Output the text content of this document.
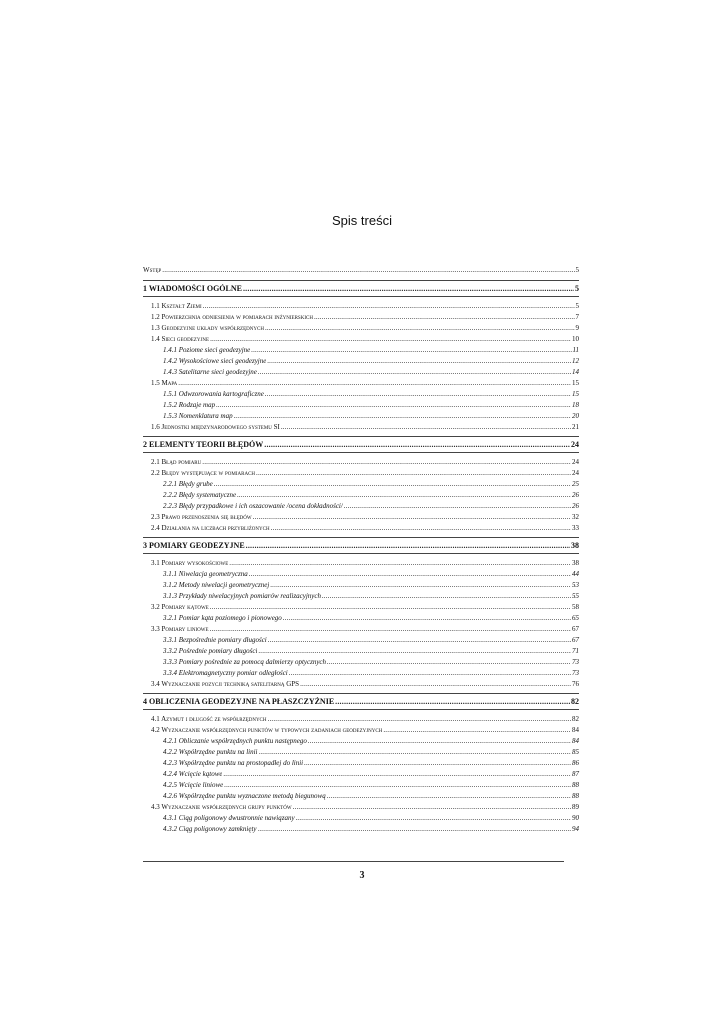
Spis treści
Wstęp .....	5
1 WIADOMOŚCI OGÓLNE .....	5
1.1 Kształt Ziemi .....	5
1.2 Powierzchnia odniesienia w pomiarach inżynierskich .....	7
1.3 Geodezyjne układy współrzędnych .....	9
1.4 Sieci geodezyjne .....	10
1.4.1 Poziome sieci geodezyjne .....	11
1.4.2 Wysokościowe sieci geodezyjne .....	12
1.4.3 Satelitarne sieci geodezyjne .....	14
1.5 Mapa .....	15
1.5.1 Odwzorowania kartograficzne .....	15
1.5.2 Rodzaje map .....	18
1.5.3 Nomenklatura map .....	20
1.6 Jednostki międzynarodowego systemu SI .....	21
2 ELEMENTY TEORII BŁĘDÓW .....	24
2.1 Błąd pomiaru .....	24
2.2 Błędy występujące w pomiarach .....	24
2.2.1 Błędy grube .....	25
2.2.2 Błędy systematyczne .....	26
2.2.3 Błędy przypadkowe i ich oszacowanie /ocena dokładności/ .....	26
2.3 Prawo przenoszenia się błędów .....	32
2.4 Działania na liczbach przybliżonych .....	33
3 POMIARY GEODEZYJNE .....	38
3.1 Pomiary wysokościowe .....	38
3.1.1 Niwelacja geometryczna .....	44
3.1.2 Metody niwelacji geometrycznej .....	53
3.1.3 Przykłady niwelacyjnych pomiarów realizacyjnych .....	55
3.2 Pomiary kątowe .....	58
3.2.1 Pomiar kąta poziomego i pionowego .....	65
3.3 Pomiary liniowe .....	67
3.3.1 Bezpośrednie pomiary długości .....	67
3.3.2 Pośrednie pomiary długości .....	71
3.3.3 Pomiary pośrednie za pomocą dalmierzy optycznych .....	73
3.3.4 Elektromagnetyczny pomiar odległości .....	73
3.4 Wyznaczanie pozycji techniką satelitarną GPS .....	76
4 OBLICZENIA GEODEZYJNE NA PŁASZCZYŹNIE .....	82
4.1 Azymut i długość ze współrzędnych .....	82
4.2 Wyznaczanie współrzędnych punktów w typowych zadaniach geodezyjnych .....	84
4.2.1 Obliczanie współrzędnych punktu następnego .....	84
4.2.2 Współrzędne punktu na linii .....	85
4.2.3 Współrzędne punktu na prostopadłej do linii .....	86
4.2.4 Wcięcie kątowe .....	87
4.2.5 Wcięcie liniowe .....	88
4.2.6 Współrzędne punktu wyznaczone metodą biegunową .....	88
4.3 Wyznaczanie współrzędnych grupy punktów .....	89
4.3.1 Ciąg poligonowy dwustronnie nawiązany .....	90
4.3.2 Ciąg poligonowy zamknięty .....	94
3
